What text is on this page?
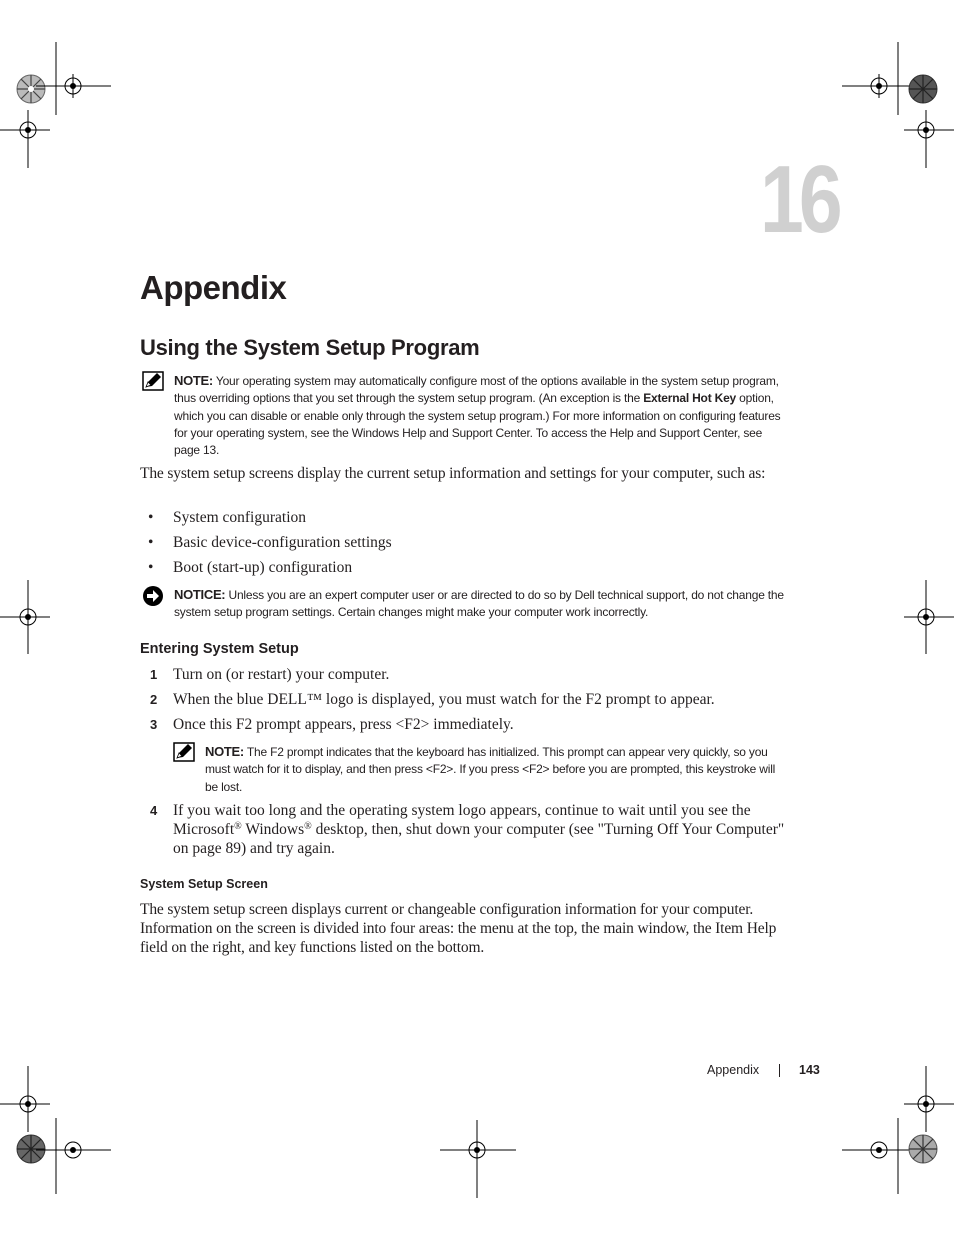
16
Appendix
Using the System Setup Program
NOTE: Your operating system may automatically configure most of the options available in the system setup program, thus overriding options that you set through the system setup program. (An exception is the External Hot Key option, which you can disable or enable only through the system setup program.) For more information on configuring features for your operating system, see the Windows Help and Support Center. To access the Help and Support Center, see page 13.
The system setup screens display the current setup information and settings for your computer, such as:
• System configuration
• Basic device-configuration settings
• Boot (start-up) configuration
NOTICE: Unless you are an expert computer user or are directed to do so by Dell technical support, do not change the system setup program settings. Certain changes might make your computer work incorrectly.
Entering System Setup
1 Turn on (or restart) your computer.
2 When the blue DELL™ logo is displayed, you must watch for the F2 prompt to appear.
3 Once this F2 prompt appears, press <F2> immediately.
NOTE: The F2 prompt indicates that the keyboard has initialized. This prompt can appear very quickly, so you must watch for it to display, and then press <F2>. If you press <F2> before you are prompted, this keystroke will be lost.
4 If you wait too long and the operating system logo appears, continue to wait until you see the Microsoft® Windows® desktop, then, shut down your computer (see "Turning Off Your Computer" on page 89) and try again.
System Setup Screen
The system setup screen displays current or changeable configuration information for your computer. Information on the screen is divided into four areas: the menu at the top, the main window, the Item Help field on the right, and key functions listed on the bottom.
Appendix	143
